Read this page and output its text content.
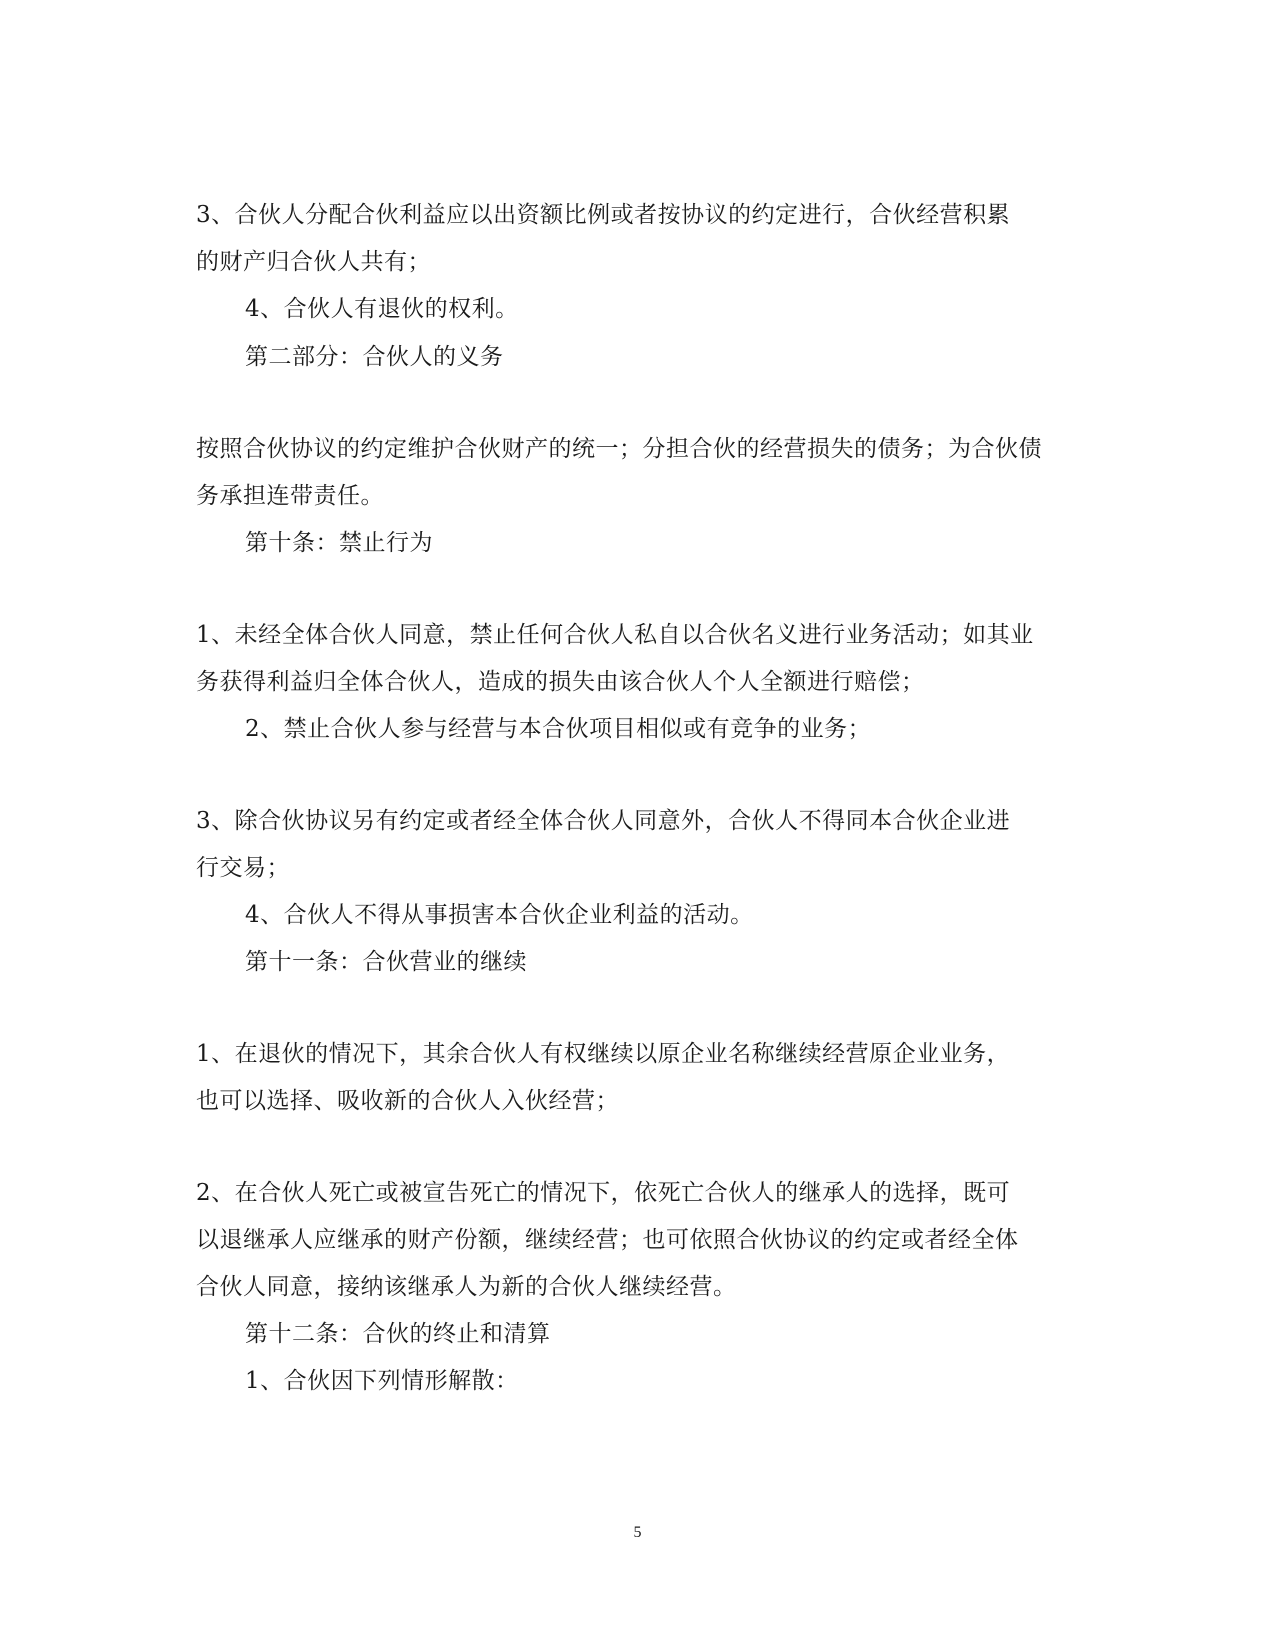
3、合伙人分配合伙利益应以出资额比例或者按协议的约定进行，合伙经营积累
的财产归合伙人共有；
4、合伙人有退伙的权利。
第二部分：合伙人的义务
按照合伙协议的约定维护合伙财产的统一；分担合伙的经营损失的债务；为合伙债
务承担连带责任。
第十条：禁止行为
1、未经全体合伙人同意，禁止任何合伙人私自以合伙名义进行业务活动；如其业
务获得利益归全体合伙人，造成的损失由该合伙人个人全额进行赔偿；
2、禁止合伙人参与经营与本合伙项目相似或有竞争的业务；
3、除合伙协议另有约定或者经全体合伙人同意外，合伙人不得同本合伙企业进
行交易；
4、合伙人不得从事损害本合伙企业利益的活动。
第十一条：合伙营业的继续
1、在退伙的情况下，其余合伙人有权继续以原企业名称继续经营原企业业务，
也可以选择、吸收新的合伙人入伙经营；
2、在合伙人死亡或被宣告死亡的情况下，依死亡合伙人的继承人的选择，既可
以退继承人应继承的财产份额，继续经营；也可依照合伙协议的约定或者经全体
合伙人同意，接纳该继承人为新的合伙人继续经营。
第十二条：合伙的终止和清算
1、合伙因下列情形解散：
5
